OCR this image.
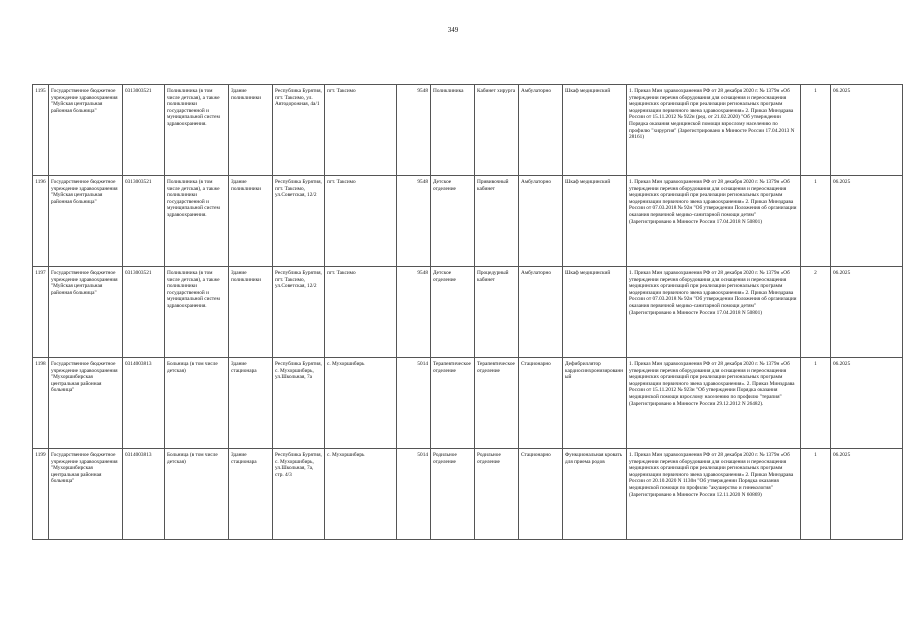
349
1195	Государственное бюджетное учреждение здравоохранения "Муйская центральная районная больница"	0313003521	Поликлиника (в том числе детская), а также поликлиники государственной и муниципальной систем здравоохранения.	Здание поликлиники	Республика Бурятия, пгт. Таксимо, ул. Автодорожная, 4а/1	пгт. Таксимо	9548	Поликлиника	Кабинет хирурга	Амбулаторно	Шкаф медицинский	1. Приказ Мин здравоохранения РФ от 28 декабря 2020 г. № 1379н «Об утверждении перечня оборудования для оснащения и переоснащения медицинских организаций при реализации региональных программ модернизации первичного звена здравоохранения» 2. Приказ Минздрава России от 15.11.2012 № 922н (ред. от 21.02.2020) "Об утверждении Порядка оказания медицинской помощи взрослому населению по профилю "хирургия" (Зарегистрировано в Минюсте России 17.04.2013 N 28161)	1	06.2025
1196	Государственное бюджетное учреждение здравоохранения "Муйская центральная районная больница"	0313003521	Поликлиника (в том числе детская), а также поликлиники государственной и муниципальной систем здравоохранения.	Здание поликлиники	Республика Бурятия, пгт. Таксимо, ул.Советская, 12/2	пгт. Таксимо	9548	Детское отделение	Прививочный кабинет	Амбулаторно	Шкаф медицинский	1. Приказ Мин здравоохранения РФ от 28 декабря 2020 г. № 1379н «Об утверждении перечня оборудования для оснащения и переоснащения медицинских организаций при реализации региональных программ модернизации первичного звена здравоохранения» 2. Приказ Минздрава России от 07.03.2018 № 92н "Об утверждении Положения об организации оказания первичной медико-санитарной помощи детям" (Зарегистрировано в Минюсте России 17.04.2018 N 50801)	1	06.2025
1197	Государственное бюджетное учреждение здравоохранения "Муйская центральная районная больница"	0313003521	Поликлиника (в том числе детская), а также поликлиники государственной и муниципальной систем здравоохранения.	Здание поликлиники	Республика Бурятия, пгт. Таксимо, ул.Советская, 12/2	пгт. Таксимо	9548	Детское отделение	Процедурный кабинет	Амбулаторно	Шкаф медицинский	1. Приказ Мин здравоохранения РФ от 28 декабря 2020 г. № 1379н «Об утверждении перечня оборудования для оснащения и переоснащения медицинских организаций при реализации региональных программ модернизации первичного звена здравоохранения» 2. Приказ Минздрава России от 07.03.2018 № 92н "Об утверждении Положения об организации оказания первичной медико-санитарной помощи детям" (Зарегистрировано в Минюсте России 17.04.2018 N 50801)	2	06.2025
1198	Государственное бюджетное учреждение здравоохранения "Мухоршибирская центральная районная больница"	0314003813	Больница (в том числе детская)	Здание стационара	Республика Бурятия, с. Мухоршибирь, ул.Школьная, 7а	с. Мухоршибирь	5014	Терапевтическое отделение	Терапевтическое отделение	Стационарно	Дефибриллятор кардиосинхронизированный	1. Приказ Мин здравоохранения РФ от 28 декабря 2020 г. № 1379н «Об утверждении перечня оборудования для оснащения и переоснащения медицинских организаций при реализации региональных программ модернизации первичного звена здравоохранения». 2. Приказ Минздрава России от 15.11.2012 № 923н "Об утверждении Порядка оказания медицинской помощи взрослому населению по профилю "терапия" (Зарегистрировано в Минюсте России 29.12.2012 N 26482).	1	06.2025
1199	Государственное бюджетное учреждение здравоохранения "Мухоршибирская центральная районная больница"	0314003813	Больница (в том числе детская)	Здание стационара	Республика Бурятия, с. Мухоршибирь, ул.Школьная, 7а, стр. 4/3	с. Мухоршибирь	5014	Родильное отделение	Родильное отделение	Стационарно	Функциональная кровать для приема родов	1. Приказ Мин здравоохранения РФ от 28 декабря 2020 г. № 1379н «Об утверждении перечня оборудования для оснащения и переоснащения медицинских организаций при реализации региональных программ модернизации первичного звена здравоохранения» 2. Приказ Минздрава России от 20.10.2020 N 1130н "Об утверждении Порядка оказания медицинской помощи по профилю "акушерство и гинекология" (Зарегистрировано в Минюсте России 12.11.2020 N 60869)	1	06.2025
